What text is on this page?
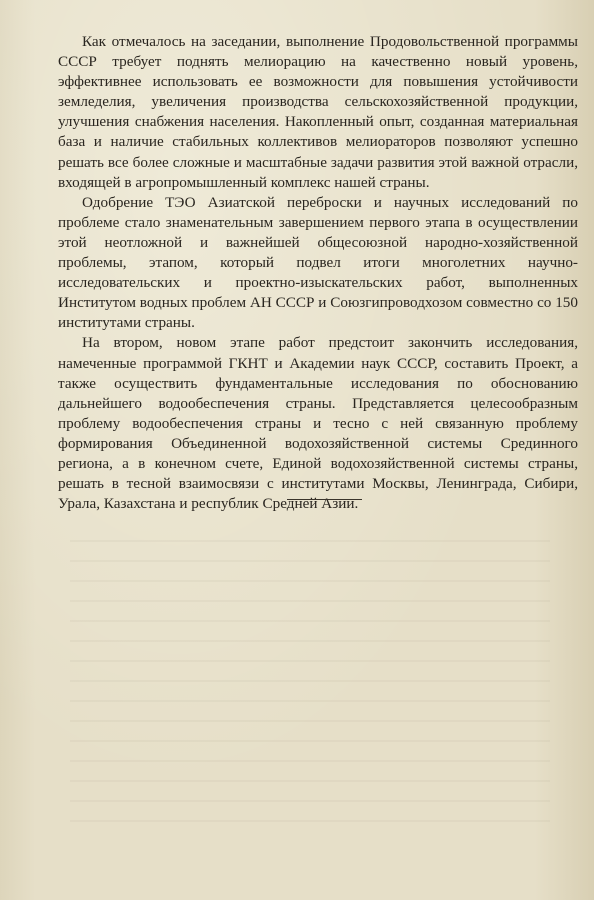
Как отмечалось на заседании, выполнение Продовольственной программы СССР требует поднять мелиорацию на качественно новый уровень, эффективнее использовать ее возможности для повышения устойчивости земледелия, увеличения производства сельскохозяйственной продукции, улучшения снабжения населения. Накопленный опыт, созданная материальная база и наличие стабильных коллективов мелиораторов позволяют успешно решать все более сложные и масштабные задачи развития этой важной отрасли, входящей в агропромышленный комплекс нашей страны.

Одобрение ТЭО Азиатской переброски и научных исследований по проблеме стало знаменательным завершением первого этапа в осуществлении этой неотложной и важнейшей общесоюзной народно-хозяйственной проблемы, этапом, который подвел итоги многолетних научно-исследовательских и проектно-изыскательских работ, выполненных Институтом водных проблем АН СССР и Союзгипроводхозом совместно со 150 институтами страны.

На втором, новом этапе работ предстоит закончить исследования, намеченные программой ГКНТ и Академии наук СССР, составить Проект, а также осуществить фундаментальные исследования по обоснованию дальнейшего водообеспечения страны. Представляется целесообразным проблему водообеспечения страны и тесно с ней связанную проблему формирования Объединенной водохозяйственной системы Срединного региона, а в конечном счете, Единой водохозяйственной системы страны, решать в тесной взаимосвязи с институтами Москвы, Ленинграда, Сибири, Урала, Казахстана и республик Средней Азии.
